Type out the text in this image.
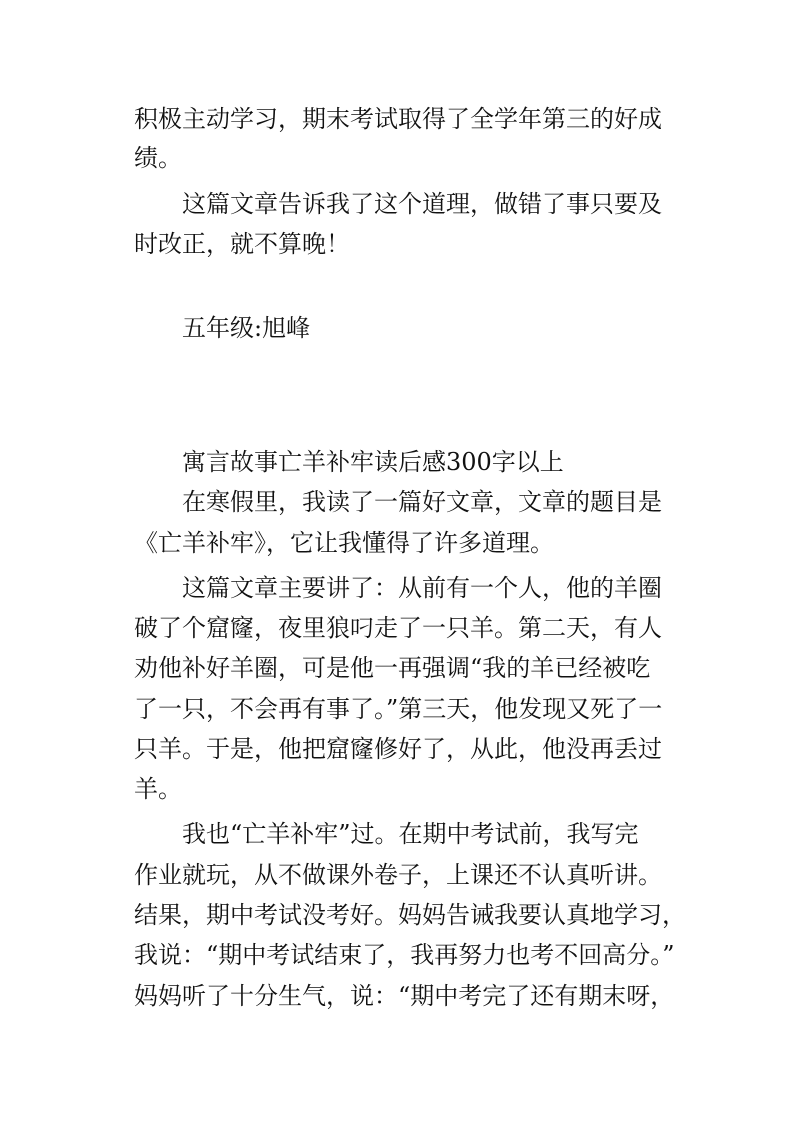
积极主动学习，期末考试取得了全学年第三的好成
绩。
这篇文章告诉我了这个道理，做错了事只要及
时改正，就不算晚！
五年级:旭峰
寓言故事亡羊补牢读后感300字以上
在寒假里，我读了一篇好文章，文章的题目是
《亡羊补牢》，它让我懂得了许多道理。
这篇文章主要讲了：从前有一个人，他的羊圈
破了个窟窿，夜里狼叼走了一只羊。第二天，有人
劝他补好羊圈，可是他一再强调“我的羊已经被吃
了一只，不会再有事了。”第三天，他发现又死了一
只羊。于是，他把窟窿修好了，从此，他没再丢过
羊。
我也“亡羊补牢”过。在期中考试前，我写完
作业就玩，从不做课外卷子，上课还不认真听讲。
结果，期中考试没考好。妈妈告诫我要认真地学习，
我说：“期中考试结束了，我再努力也考不回高分。”
妈妈听了十分生气，说：“期中考完了还有期末呀，
